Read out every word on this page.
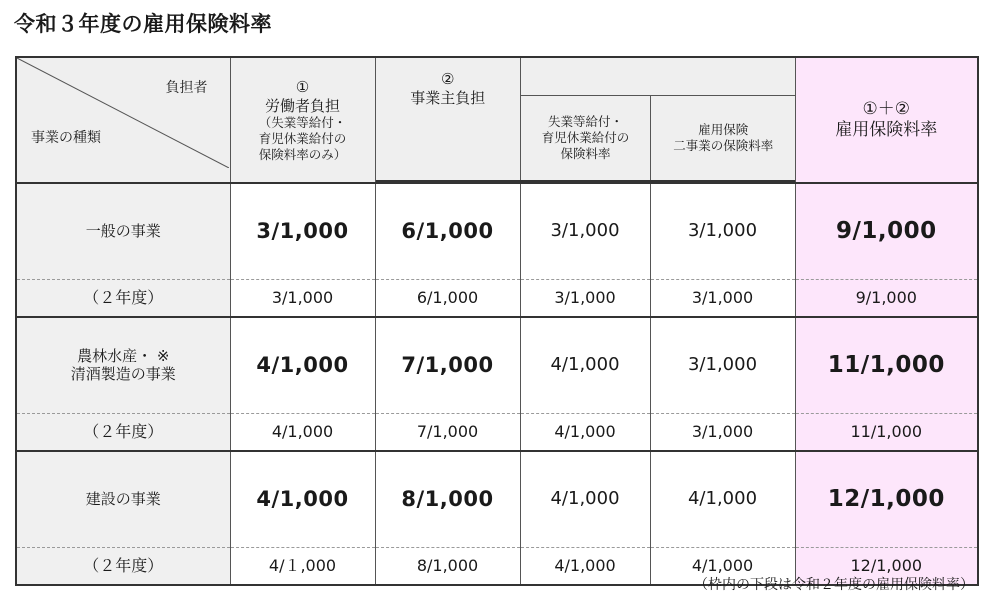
令和３年度の雇用保険料率
負担者
事業の種類

①
労働者負担
（失業等給付・
育児休業給付の
保険料率のみ）

②
事業主負担

失業等給付・
育児休業給付の
保険料率

雇用保険
二事業の保険料率

①＋②
雇用保険料率

一般の事業	3/1,000	6/1,000	3/1,000	3/1,000	9/1,000
（２年度）	3/1,000	6/1,000	3/1,000	3/1,000	9/1,000

農林水産・ ※
清酒製造の事業	4/1,000	7/1,000	4/1,000	3/1,000	11/1,000
（２年度）	4/1,000	7/1,000	4/1,000	3/1,000	11/1,000

建設の事業	4/1,000	8/1,000	4/1,000	4/1,000	12/1,000
（２年度）	4/１,000	8/1,000	4/1,000	4/1,000	12/1,000
（枠内の下段は令和２年度の雇用保険料率）
